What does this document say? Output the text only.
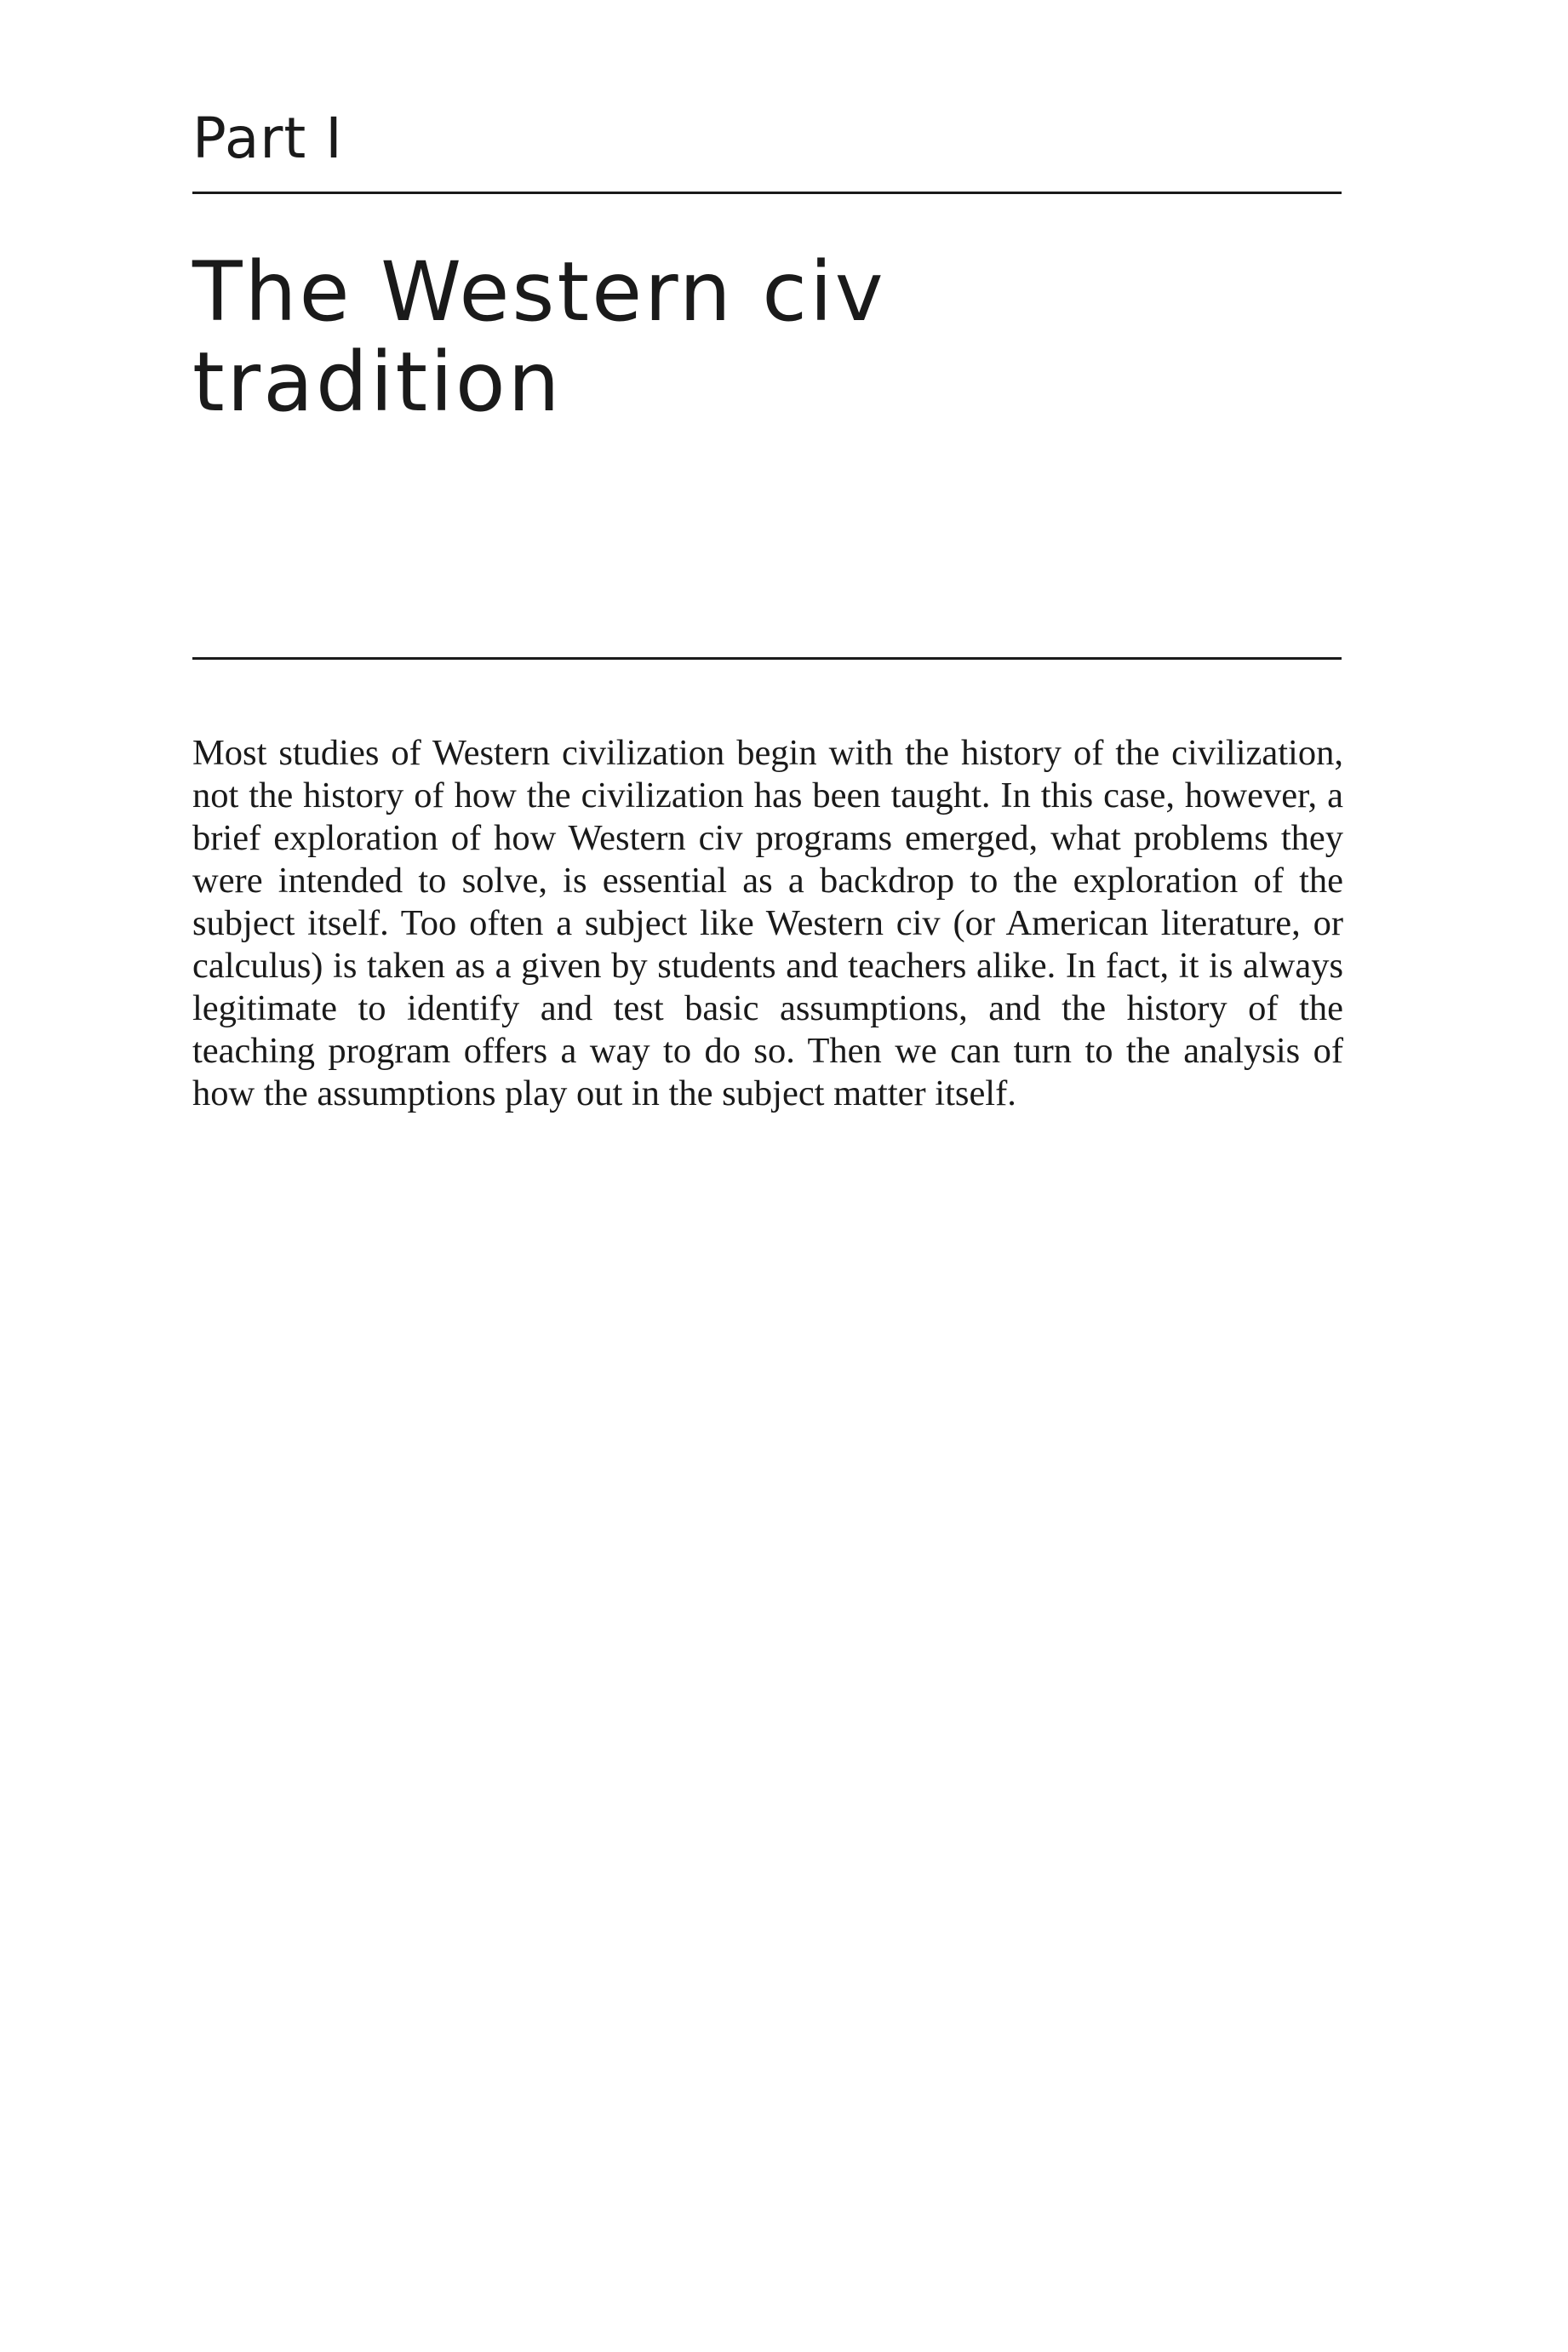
Part I
The Western civ
tradition

Most studies of Western civilization begin with the history of the civilization, not the history of how the civilization has been taught. In this case, however, a brief exploration of how Western civ programs emerged, what problems they were intended to solve, is essential as a backdrop to the exploration of the subject itself. Too often a subject like Western civ (or American literature, or calculus) is taken as a given by students and teachers alike. In fact, it is always legitimate to identify and test basic assumptions, and the history of the teaching program offers a way to do so. Then we can turn to the analysis of how the assumptions play out in the subject matter itself.
